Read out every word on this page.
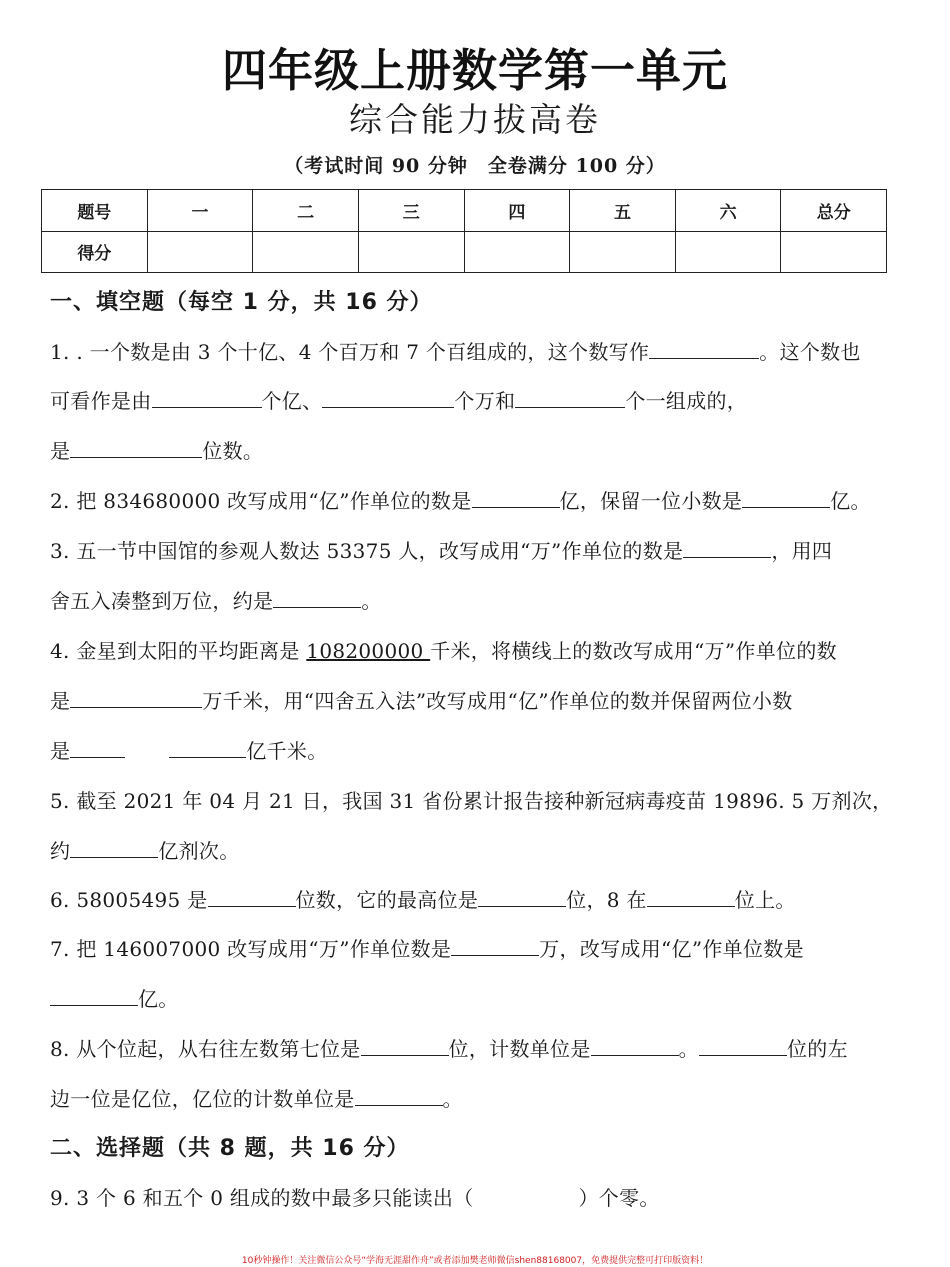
四年级上册数学第一单元
综合能力拔高卷
（考试时间 90 分钟　全卷满分 100 分）
题号	一	二	三	四	五	六	总分
得分							
一、填空题（每空 1 分，共 16 分）
1. . 一个数是由 3 个十亿、4 个百万和 7 个百组成的，这个数写作	。这个数也
可看作是由	个亿、	个万和	个一组成的，
是	位数。
2. 把 834680000 改写成用“亿”作单位的数是	亿，保留一位小数是	亿。
3. 五一节中国馆的参观人数达 53375 人，改写成用“万”作单位的数是	，用四
舍五入凑整到万位，约是	。
4. 金星到太阳的平均距离是 108200000 千米，将横线上的数改写成用“万”作单位的数
是	万千米，用“四舍五入法”改写成用“亿”作单位的数并保留两位小数
是	亿千米。
5. 截至 2021 年 04 月 21 日，我国 31 省份累计报告接种新冠病毒疫苗 19896. 5 万剂次，
约	亿剂次。
6. 58005495 是	位数，它的最高位是	位，8 在	位上。
7. 把 146007000 改写成用“万”作单位数是	万，改写成用“亿”作单位数是
亿。
8. 从个位起，从右往左数第七位是	位，计数单位是	。	位的左
边一位是亿位，亿位的计数单位是	。
二、选择题（共 8 题，共 16 分）
9. 3 个 6 和五个 0 组成的数中最多只能读出（	）个零。
10秒钟操作！关注微信公众号“学海无涯甜作舟”或者添加樊老师微信shen88168007，免费提供完整可打印版资料！
